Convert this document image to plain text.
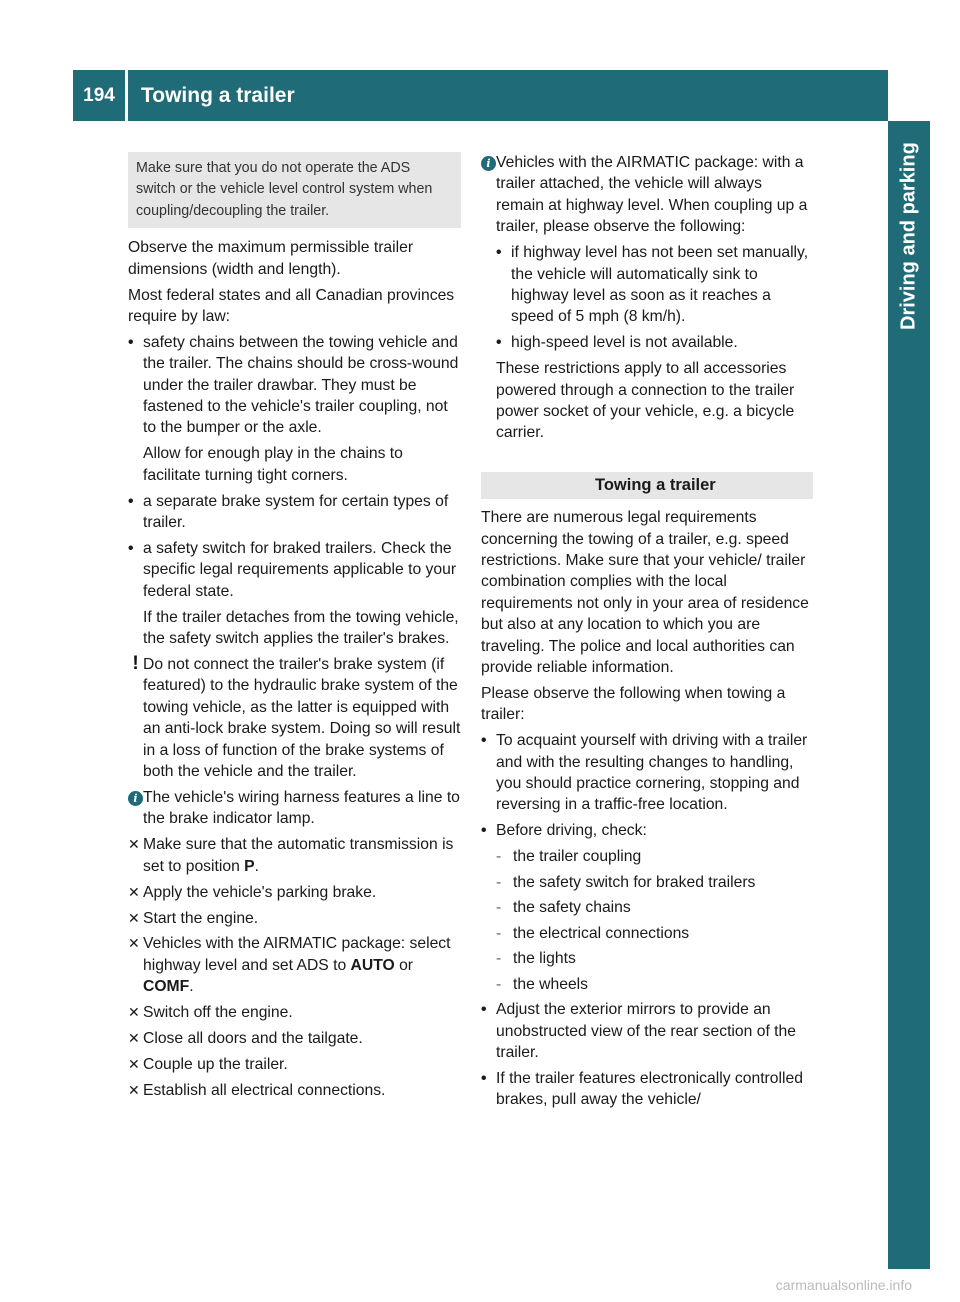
194	Towing a trailer
Driving and parking
Make sure that you do not operate the ADS switch or the vehicle level control system when coupling/decoupling the trailer.

Observe the maximum permissible trailer dimensions (width and length).

Most federal states and all Canadian provinces require by law:

• safety chains between the towing vehicle and the trailer. The chains should be cross-wound under the trailer drawbar. They must be fastened to the vehicle's trailer coupling, not to the bumper or the axle.

Allow for enough play in the chains to facilitate turning tight corners.

• a separate brake system for certain types of trailer.
• a safety switch for braked trailers. Check the specific legal requirements applicable to your federal state.

If the trailer detaches from the towing vehicle, the safety switch applies the trailer's brakes.

! Do not connect the trailer's brake system (if featured) to the hydraulic brake system of the towing vehicle, as the latter is equipped with an anti-lock brake system. Doing so will result in a loss of function of the brake systems of both the vehicle and the trailer.
i The vehicle's wiring harness features a line to the brake indicator lamp.
✕ Make sure that the automatic transmission is set to position P.
✕ Apply the vehicle's parking brake.
✕ Start the engine.
✕ Vehicles with the AIRMATIC package: select highway level and set ADS to AUTO or COMF.
✕ Switch off the engine.
✕ Close all doors and the tailgate.
✕ Couple up the trailer.
✕ Establish all electrical connections.
i Vehicles with the AIRMATIC package: with a trailer attached, the vehicle will always remain at highway level. When coupling up a trailer, please observe the following:
• if highway level has not been set manually, the vehicle will automatically sink to highway level as soon as it reaches a speed of 5 mph (8 km/h).
• high-speed level is not available.

These restrictions apply to all accessories powered through a connection to the trailer power socket of your vehicle, e.g. a bicycle carrier.

Towing a trailer

There are numerous legal requirements concerning the towing of a trailer, e.g. speed restrictions. Make sure that your vehicle/ trailer combination complies with the local requirements not only in your area of residence but also at any location to which you are traveling. The police and local authorities can provide reliable information.

Please observe the following when towing a trailer:

• To acquaint yourself with driving with a trailer and with the resulting changes to handling, you should practice cornering, stopping and reversing in a traffic-free location.
• Before driving, check:
- the trailer coupling
- the safety switch for braked trailers
- the safety chains
- the electrical connections
- the lights
- the wheels
• Adjust the exterior mirrors to provide an unobstructed view of the rear section of the trailer.
• If the trailer features electronically controlled brakes, pull away the vehicle/
carmanualsonline.info
